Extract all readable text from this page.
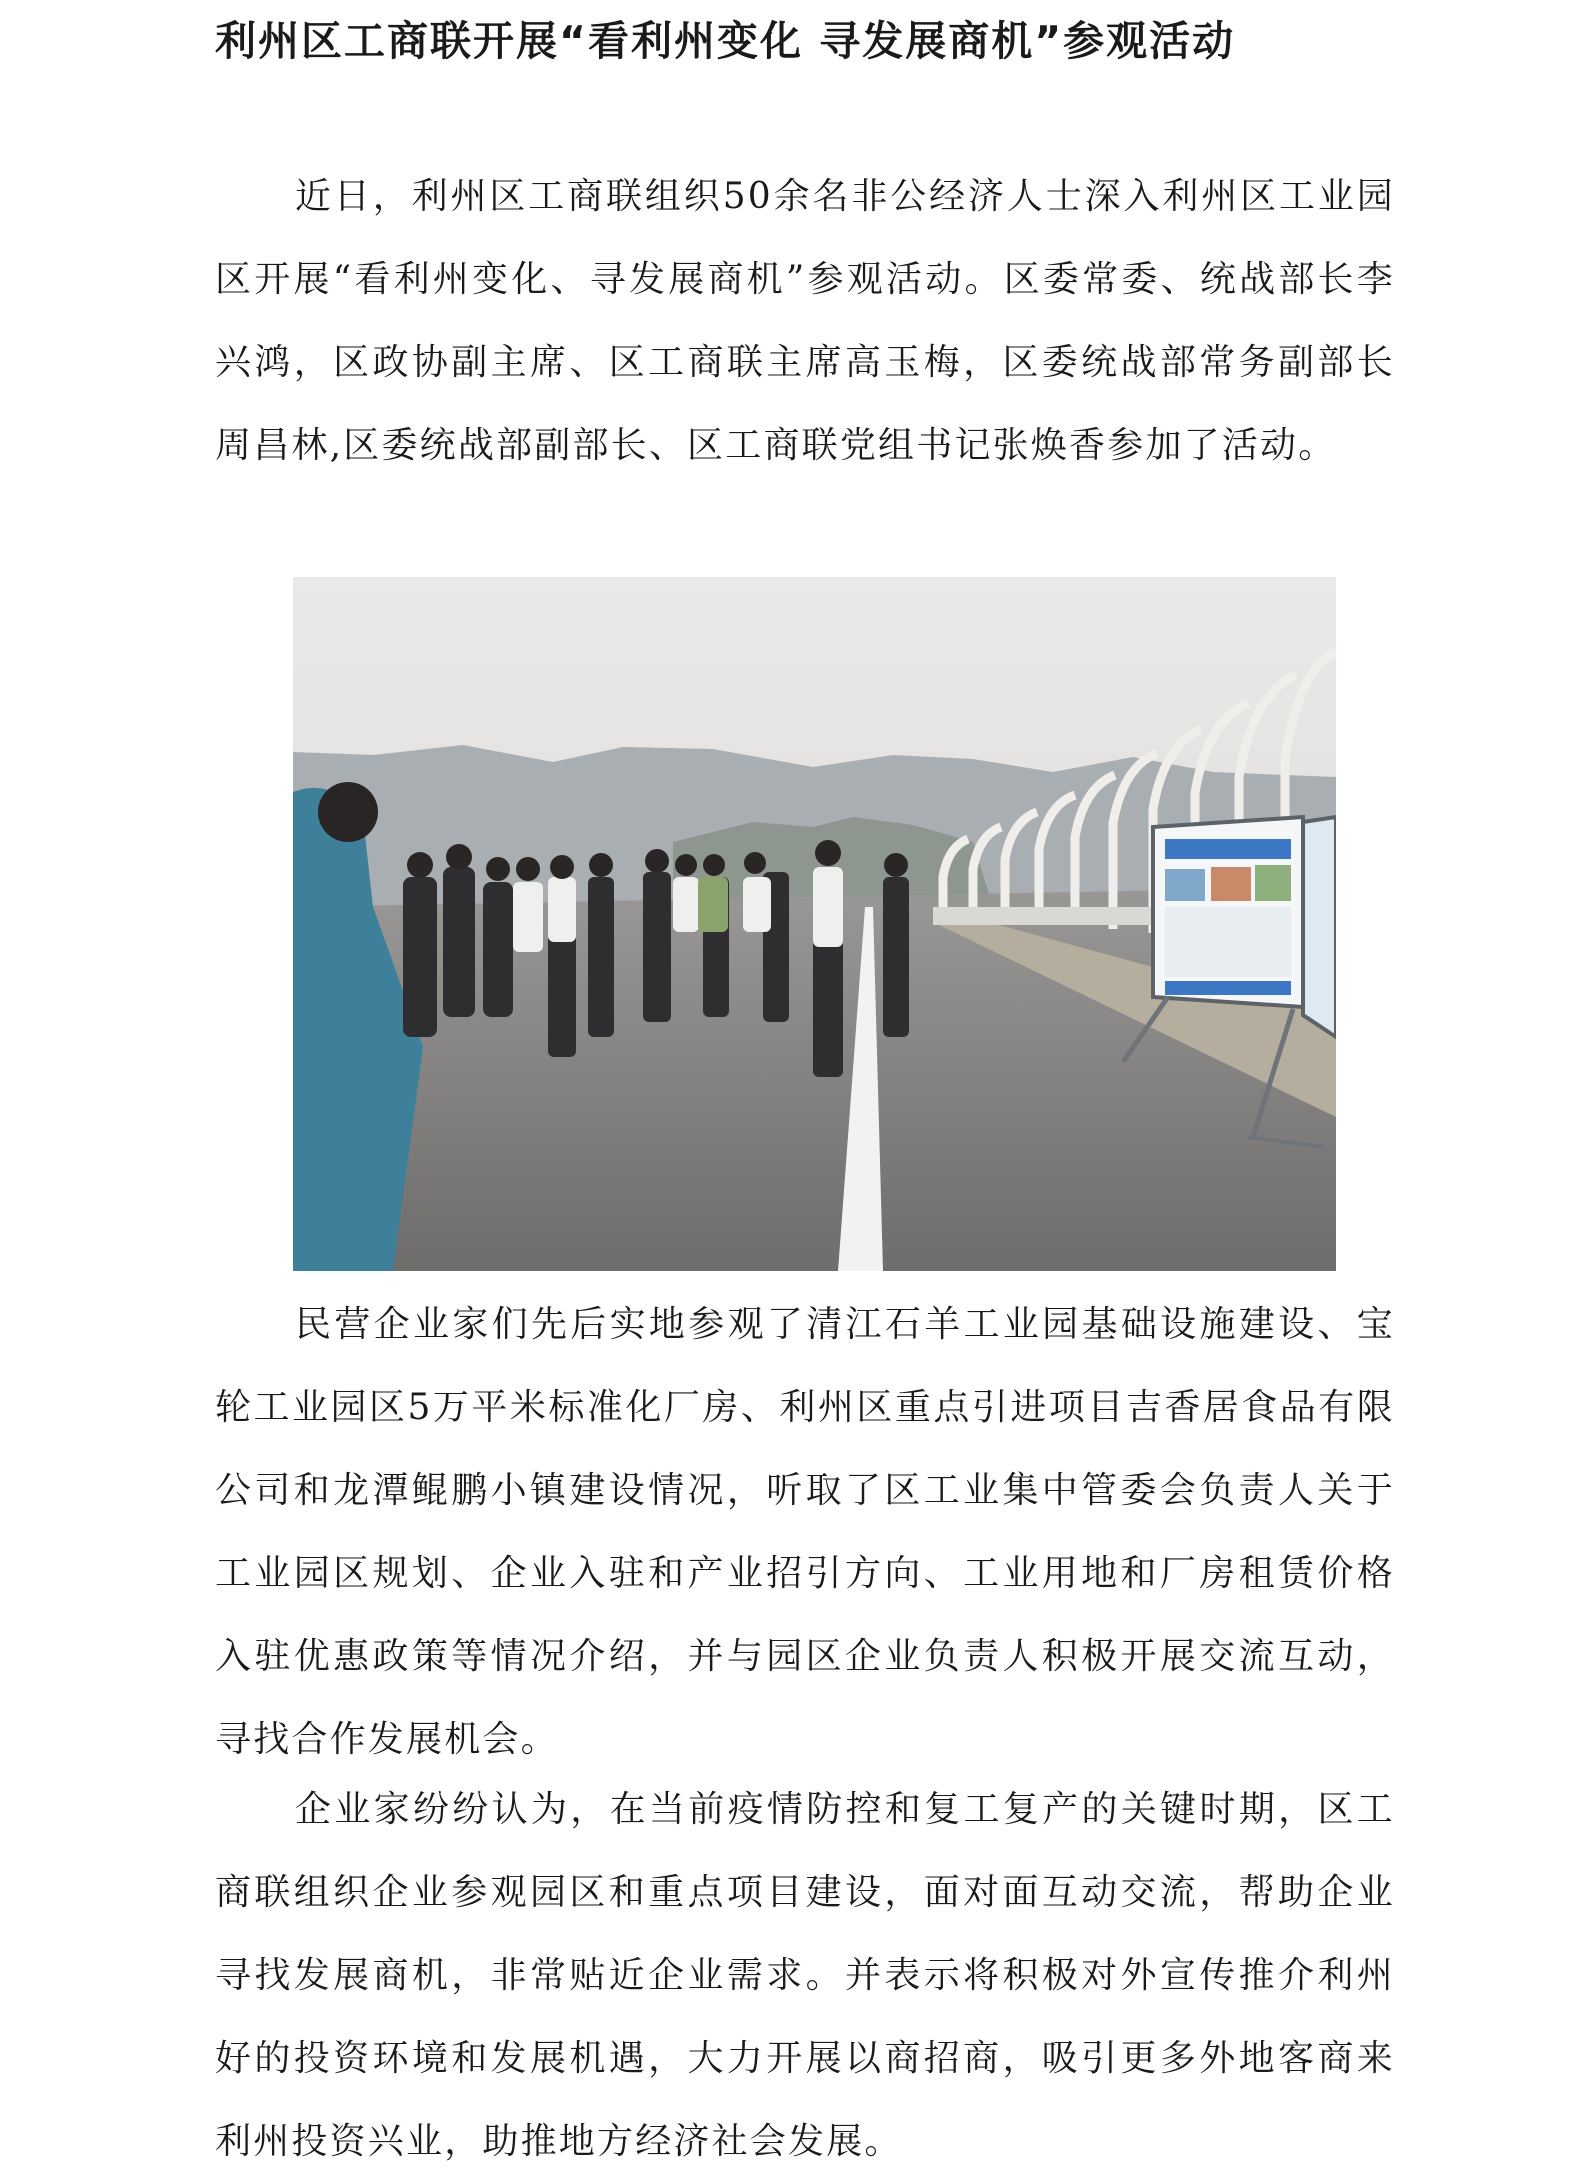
利州区工商联开展“看利州变化 寻发展商机”参观活动

近日，利州区工商联组织50余名非公经济人士深入利州区工业园区开展“看利州变化、寻发展商机”参观活动。区委常委、统战部长李兴鸿，区政协副主席、区工商联主席高玉梅，区委统战部常务副部长周昌林,区委统战部副部长、区工商联党组书记张焕香参加了活动。

民营企业家们先后实地参观了清江石羊工业园基础设施建设、宝轮工业园区5万平米标准化厂房、利州区重点引进项目吉香居食品有限公司和龙潭鲲鹏小镇建设情况，听取了区工业集中管委会负责人关于工业园区规划、企业入驻和产业招引方向、工业用地和厂房租赁价格入驻优惠政策等情况介绍，并与园区企业负责人积极开展交流互动，寻找合作发展机会。

企业家纷纷认为，在当前疫情防控和复工复产的关键时期，区工商联组织企业参观园区和重点项目建设，面对面互动交流，帮助企业寻找发展商机，非常贴近企业需求。并表示将积极对外宣传推介利州好的投资环境和发展机遇，大力开展以商招商，吸引更多外地客商来利州投资兴业，助推地方经济社会发展。
